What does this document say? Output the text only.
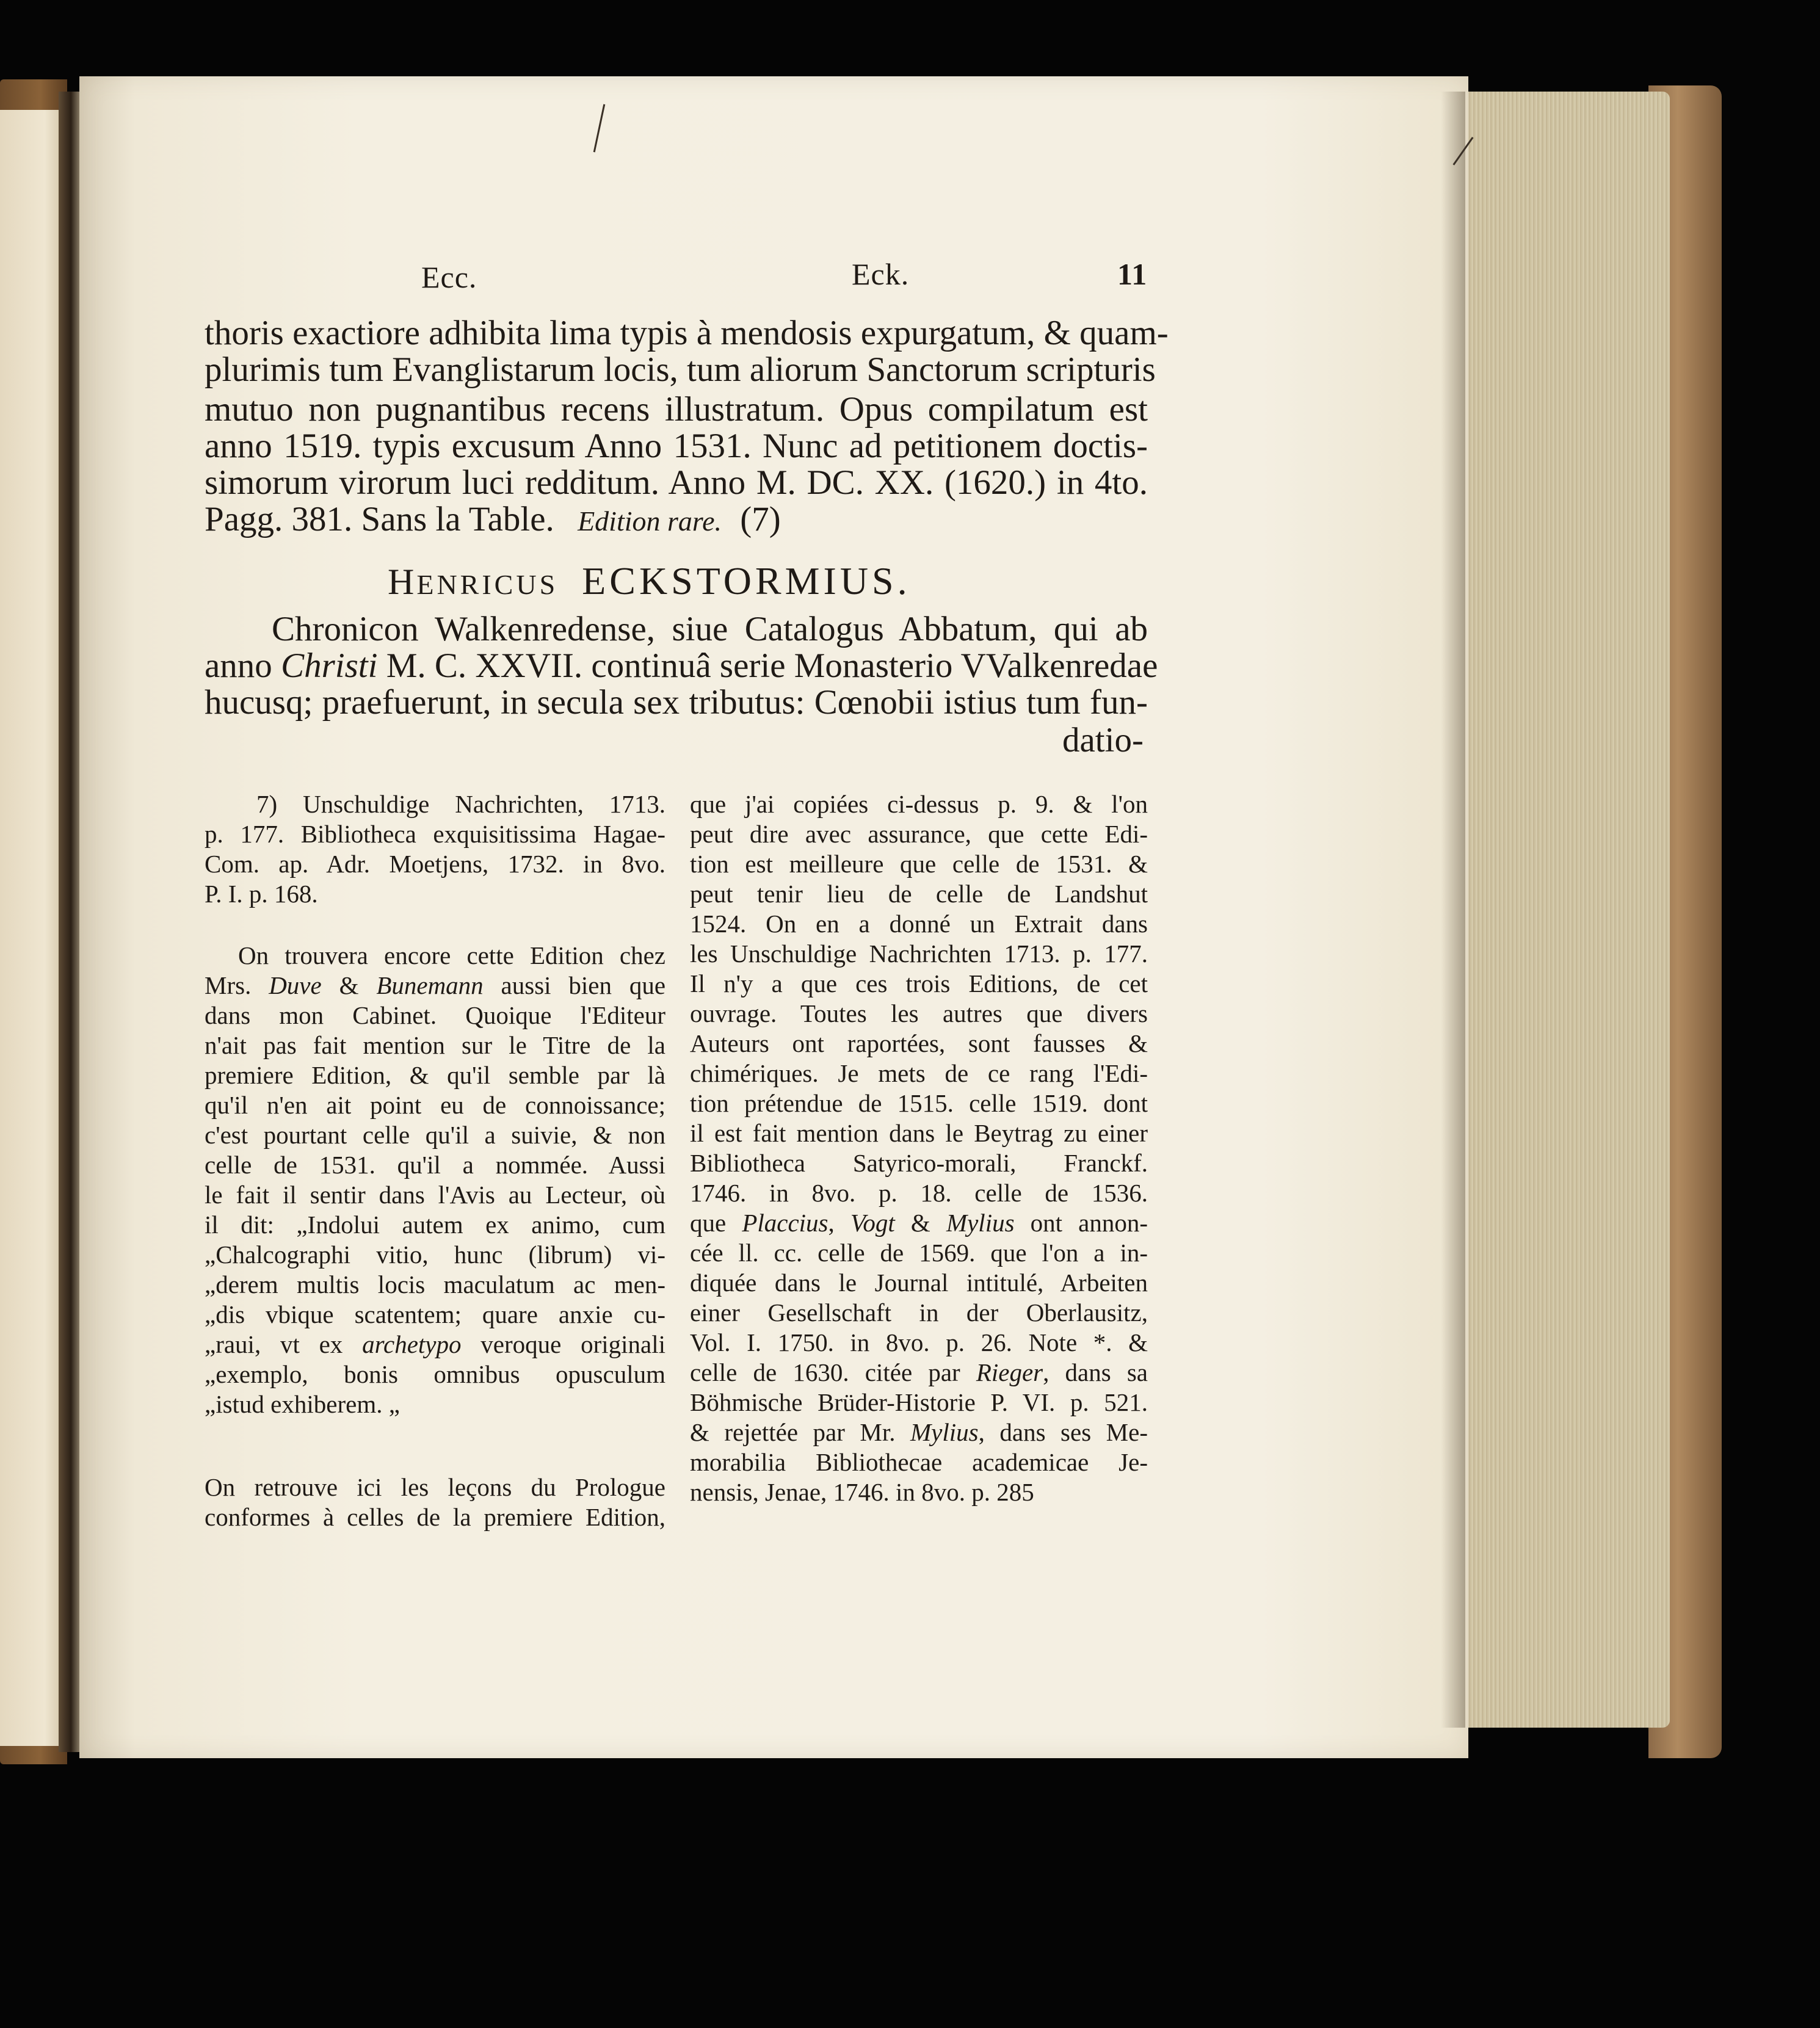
Ecc.	Eck.	11
thoris exactiore adhibita lima typis à mendosis expurgatum, & quam-
plurimis tum Evanglistarum locis, tum aliorum Sanctorum scripturis
mutuo non pugnantibus recens illustratum. Opus compilatum est
anno 1519. typis excusum Anno 1531. Nunc ad petitionem doctis-
simorum virorum luci redditum. Anno M. DC. XX. (1620.) in 4to.
Pagg. 381. Sans la Table. Edition rare. (7)
HENRICUS ECKSTORMIUS.
Chronicon Walkenredense, siue Catalogus Abbatum, qui ab
anno Christi M. C. XXVII. continuâ serie Monasterio VValkenredae
hucusq; praefuerunt, in secula sex tributus: Cœnobii istius tum fun-
datio-
7) Unschuldige Nachrichten, 1713.
p. 177. Bibliotheca exquisitissima Hagae-
Com. ap. Adr. Moetjens, 1732. in 8vo.
P. I. p. 168.
On trouvera encore cette Edition chez
Mrs. Duve & Bunemann aussi bien que
dans mon Cabinet. Quoique l'Editeur
n'ait pas fait mention sur le Titre de la
premiere Edition, & qu'il semble par là
qu'il n'en ait point eu de connoissance;
c'est pourtant celle qu'il a suivie, & non
celle de 1531. qu'il a nommée. Aussi
le fait il sentir dans l'Avis au Lecteur, où
il dit: „Indolui autem ex animo, cum
„Chalcographi vitio, hunc (librum) vi-
„derem multis locis maculatum ac men-
„dis vbique scatentem; quare anxie cu-
„raui, vt ex archetypo veroque originali
„exemplo, bonis omnibus opusculum
„istud exhiberem. „
On retrouve ici les leçons du Prologue
conformes à celles de la premiere Edition,
que j'ai copiées ci-dessus p. 9. & l'on
peut dire avec assurance, que cette Edi-
tion est meilleure que celle de 1531. &
peut tenir lieu de celle de Landshut
1524. On en a donné un Extrait dans
les Unschuldige Nachrichten 1713. p. 177.
Il n'y a que ces trois Editions, de cet
ouvrage. Toutes les autres que divers
Auteurs ont raportées, sont fausses &
chimériques. Je mets de ce rang l'Edi-
tion prétendue de 1515. celle 1519. dont
il est fait mention dans le Beytrag zu einer
Bibliotheca Satyrico-morali, Franckf.
1746. in 8vo. p. 18. celle de 1536.
que Placcius, Vogt & Mylius ont annon-
cée ll. cc. celle de 1569. que l'on a in-
diquée dans le Journal intitulé, Arbeiten
einer Gesellschaft in der Oberlausitz,
Vol. I. 1750. in 8vo. p. 26. Note *. &
celle de 1630. citée par Rieger, dans sa
Böhmische Brüder-Historie P. VI. p. 521.
& rejettée par Mr. Mylius, dans ses Me-
morabilia Bibliothecae academicae Je-
nensis, Jenae, 1746. in 8vo. p. 285
